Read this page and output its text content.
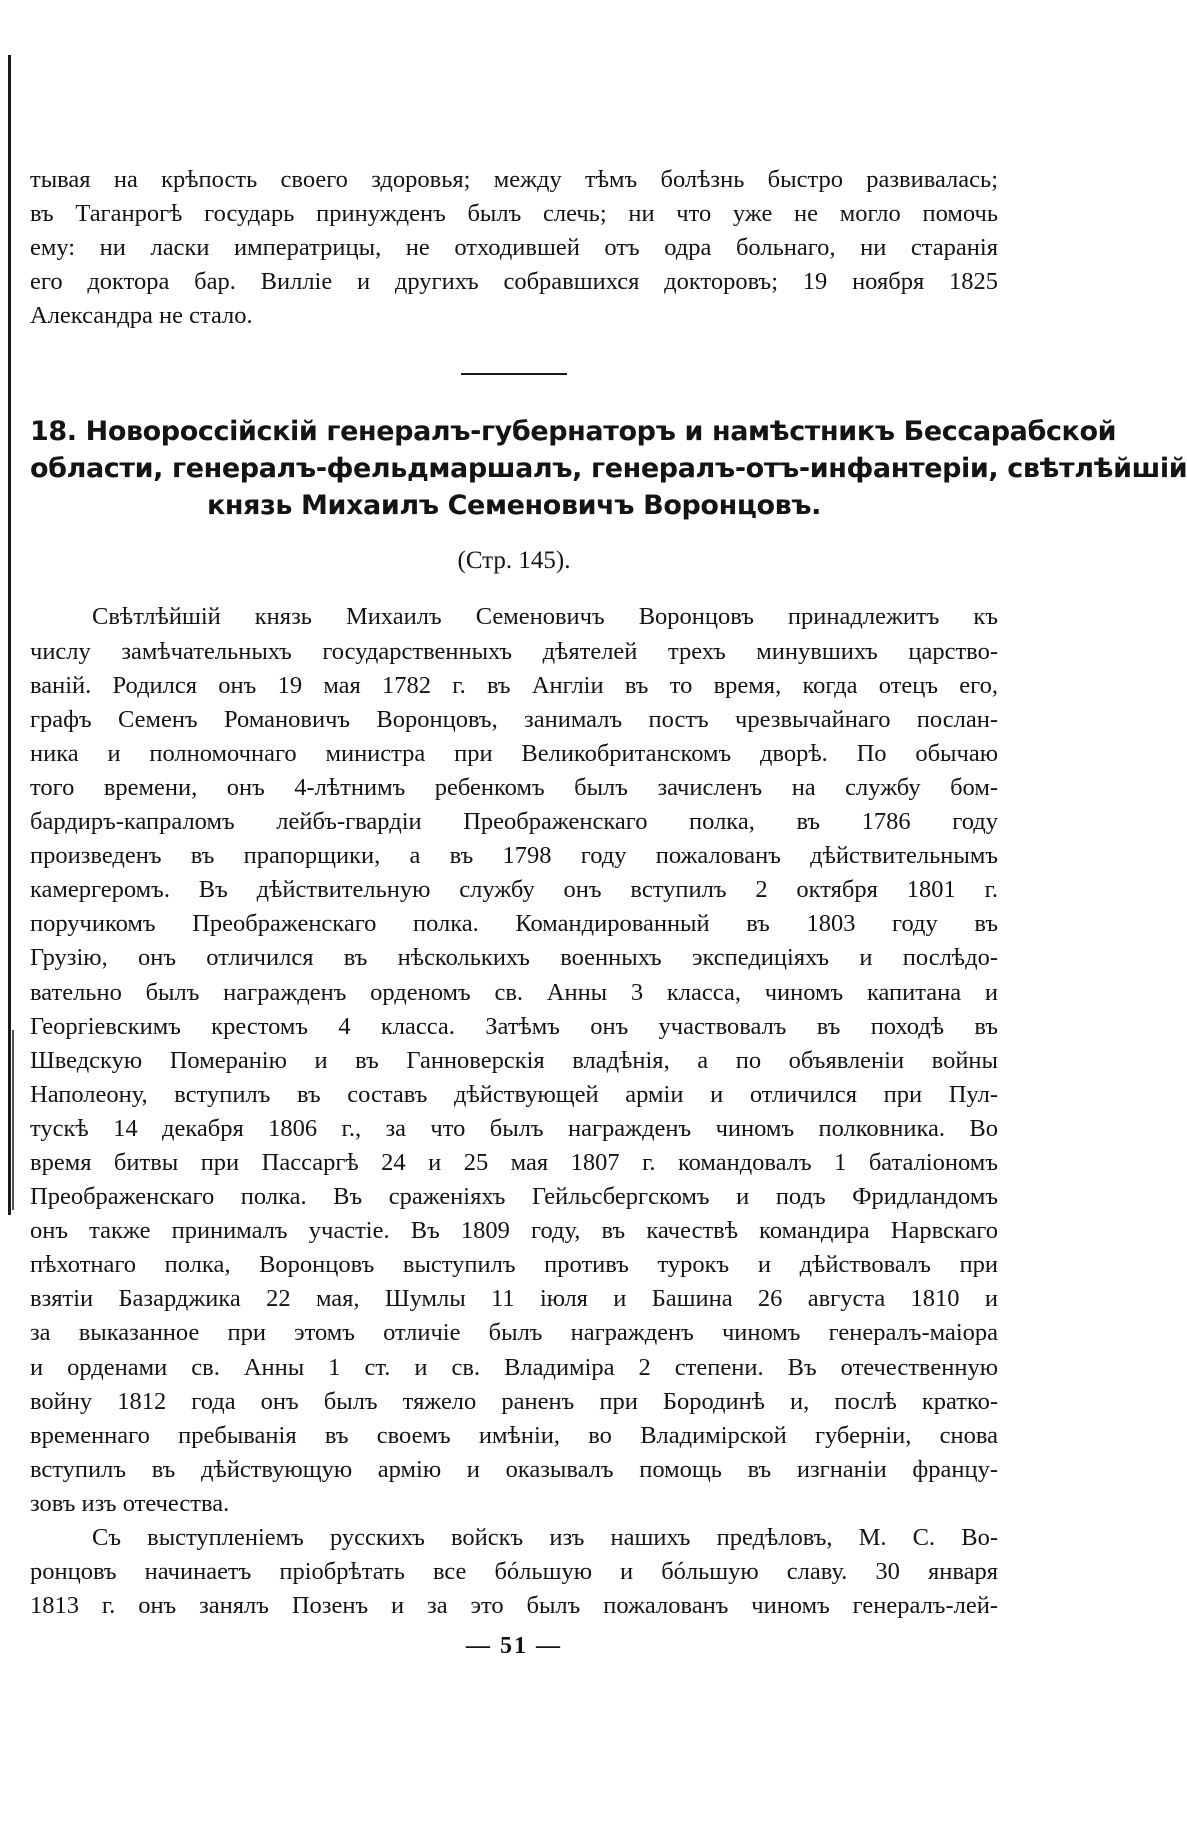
тывая на крѣпость своего здоровья; между тѣмъ болѣзнь быстро развивалась;
въ Таганрогѣ государь принужденъ былъ слечь; ни что уже не могло помочь
ему: ни ласки императрицы, не отходившей отъ одра больнаго, ни старанія
его доктора бар. Вилліе и другихъ собравшихся докторовъ; 19 ноября 1825
Александра не стало.
18. Новороссійскій генералъ-губернаторъ и намѣстникъ Бессарабской
области, генералъ-фельдмаршалъ, генералъ-отъ-инфантеріи, свѣтлѣйшій
князь Михаилъ Семеновичъ Воронцовъ.
(Стр. 145).
Свѣтлѣйшій князь Михаилъ Семеновичъ Воронцовъ принадлежитъ къ
числу замѣчательныхъ государственныхъ дѣятелей трехъ минувшихъ царство-
ваній. Родился онъ 19 мая 1782 г. въ Англіи въ то время, когда отецъ его,
графъ Семенъ Романовичъ Воронцовъ, занималъ постъ чрезвычайнаго послан-
ника и полномочнаго министра при Великобританскомъ дворѣ. По обычаю
того времени, онъ 4-лѣтнимъ ребенкомъ былъ зачисленъ на службу бом-
бардиръ-капраломъ лейбъ-гвардіи Преображенскаго полка, въ 1786 году
произведенъ въ прапорщики, а въ 1798 году пожалованъ дѣйствительнымъ
камергеромъ. Въ дѣйствительную службу онъ вступилъ 2 октября 1801 г.
поручикомъ Преображенскаго полка. Командированный въ 1803 году въ
Грузію, онъ отличился въ нѣсколькихъ военныхъ экспедиціяхъ и послѣдо-
вательно былъ награжденъ орденомъ св. Анны 3 класса, чиномъ капитана и
Георгіевскимъ крестомъ 4 класса. Затѣмъ онъ участвовалъ въ походѣ въ
Шведскую Померанію и въ Ганноверскія владѣнія, а по объявленіи войны
Наполеону, вступилъ въ составъ дѣйствующей арміи и отличился при Пул-
тускѣ 14 декабря 1806 г., за что былъ награжденъ чиномъ полковника. Во
время битвы при Пассаргѣ 24 и 25 мая 1807 г. командовалъ 1 баталіономъ
Преображенскаго полка. Въ сраженіяхъ Гейльсбергскомъ и подъ Фридландомъ
онъ также принималъ участіе. Въ 1809 году, въ качествѣ командира Нарвскаго
пѣхотнаго полка, Воронцовъ выступилъ противъ турокъ и дѣйствовалъ при
взятіи Базарджика 22 мая, Шумлы 11 іюля и Башина 26 августа 1810 и
за выказанное при этомъ отличіе былъ награжденъ чиномъ генералъ-маіора
и орденами св. Анны 1 ст. и св. Владиміра 2 степени. Въ отечественную
войну 1812 года онъ былъ тяжело раненъ при Бородинѣ и, послѣ кратко-
временнаго пребыванія въ своемъ имѣніи, во Владимірской губерніи, снова
вступилъ въ дѣйствующую армію и оказывалъ помощь въ изгнаніи францу-
зовъ изъ отечества.
Съ выступленіемъ русскихъ войскъ изъ нашихъ предѣловъ, М. С. Во-
ронцовъ начинаетъ пріобрѣтать все бóльшую и бóльшую славу. 30 января
1813 г. онъ занялъ Позенъ и за это былъ пожалованъ чиномъ генералъ-лей-
— 51 —
